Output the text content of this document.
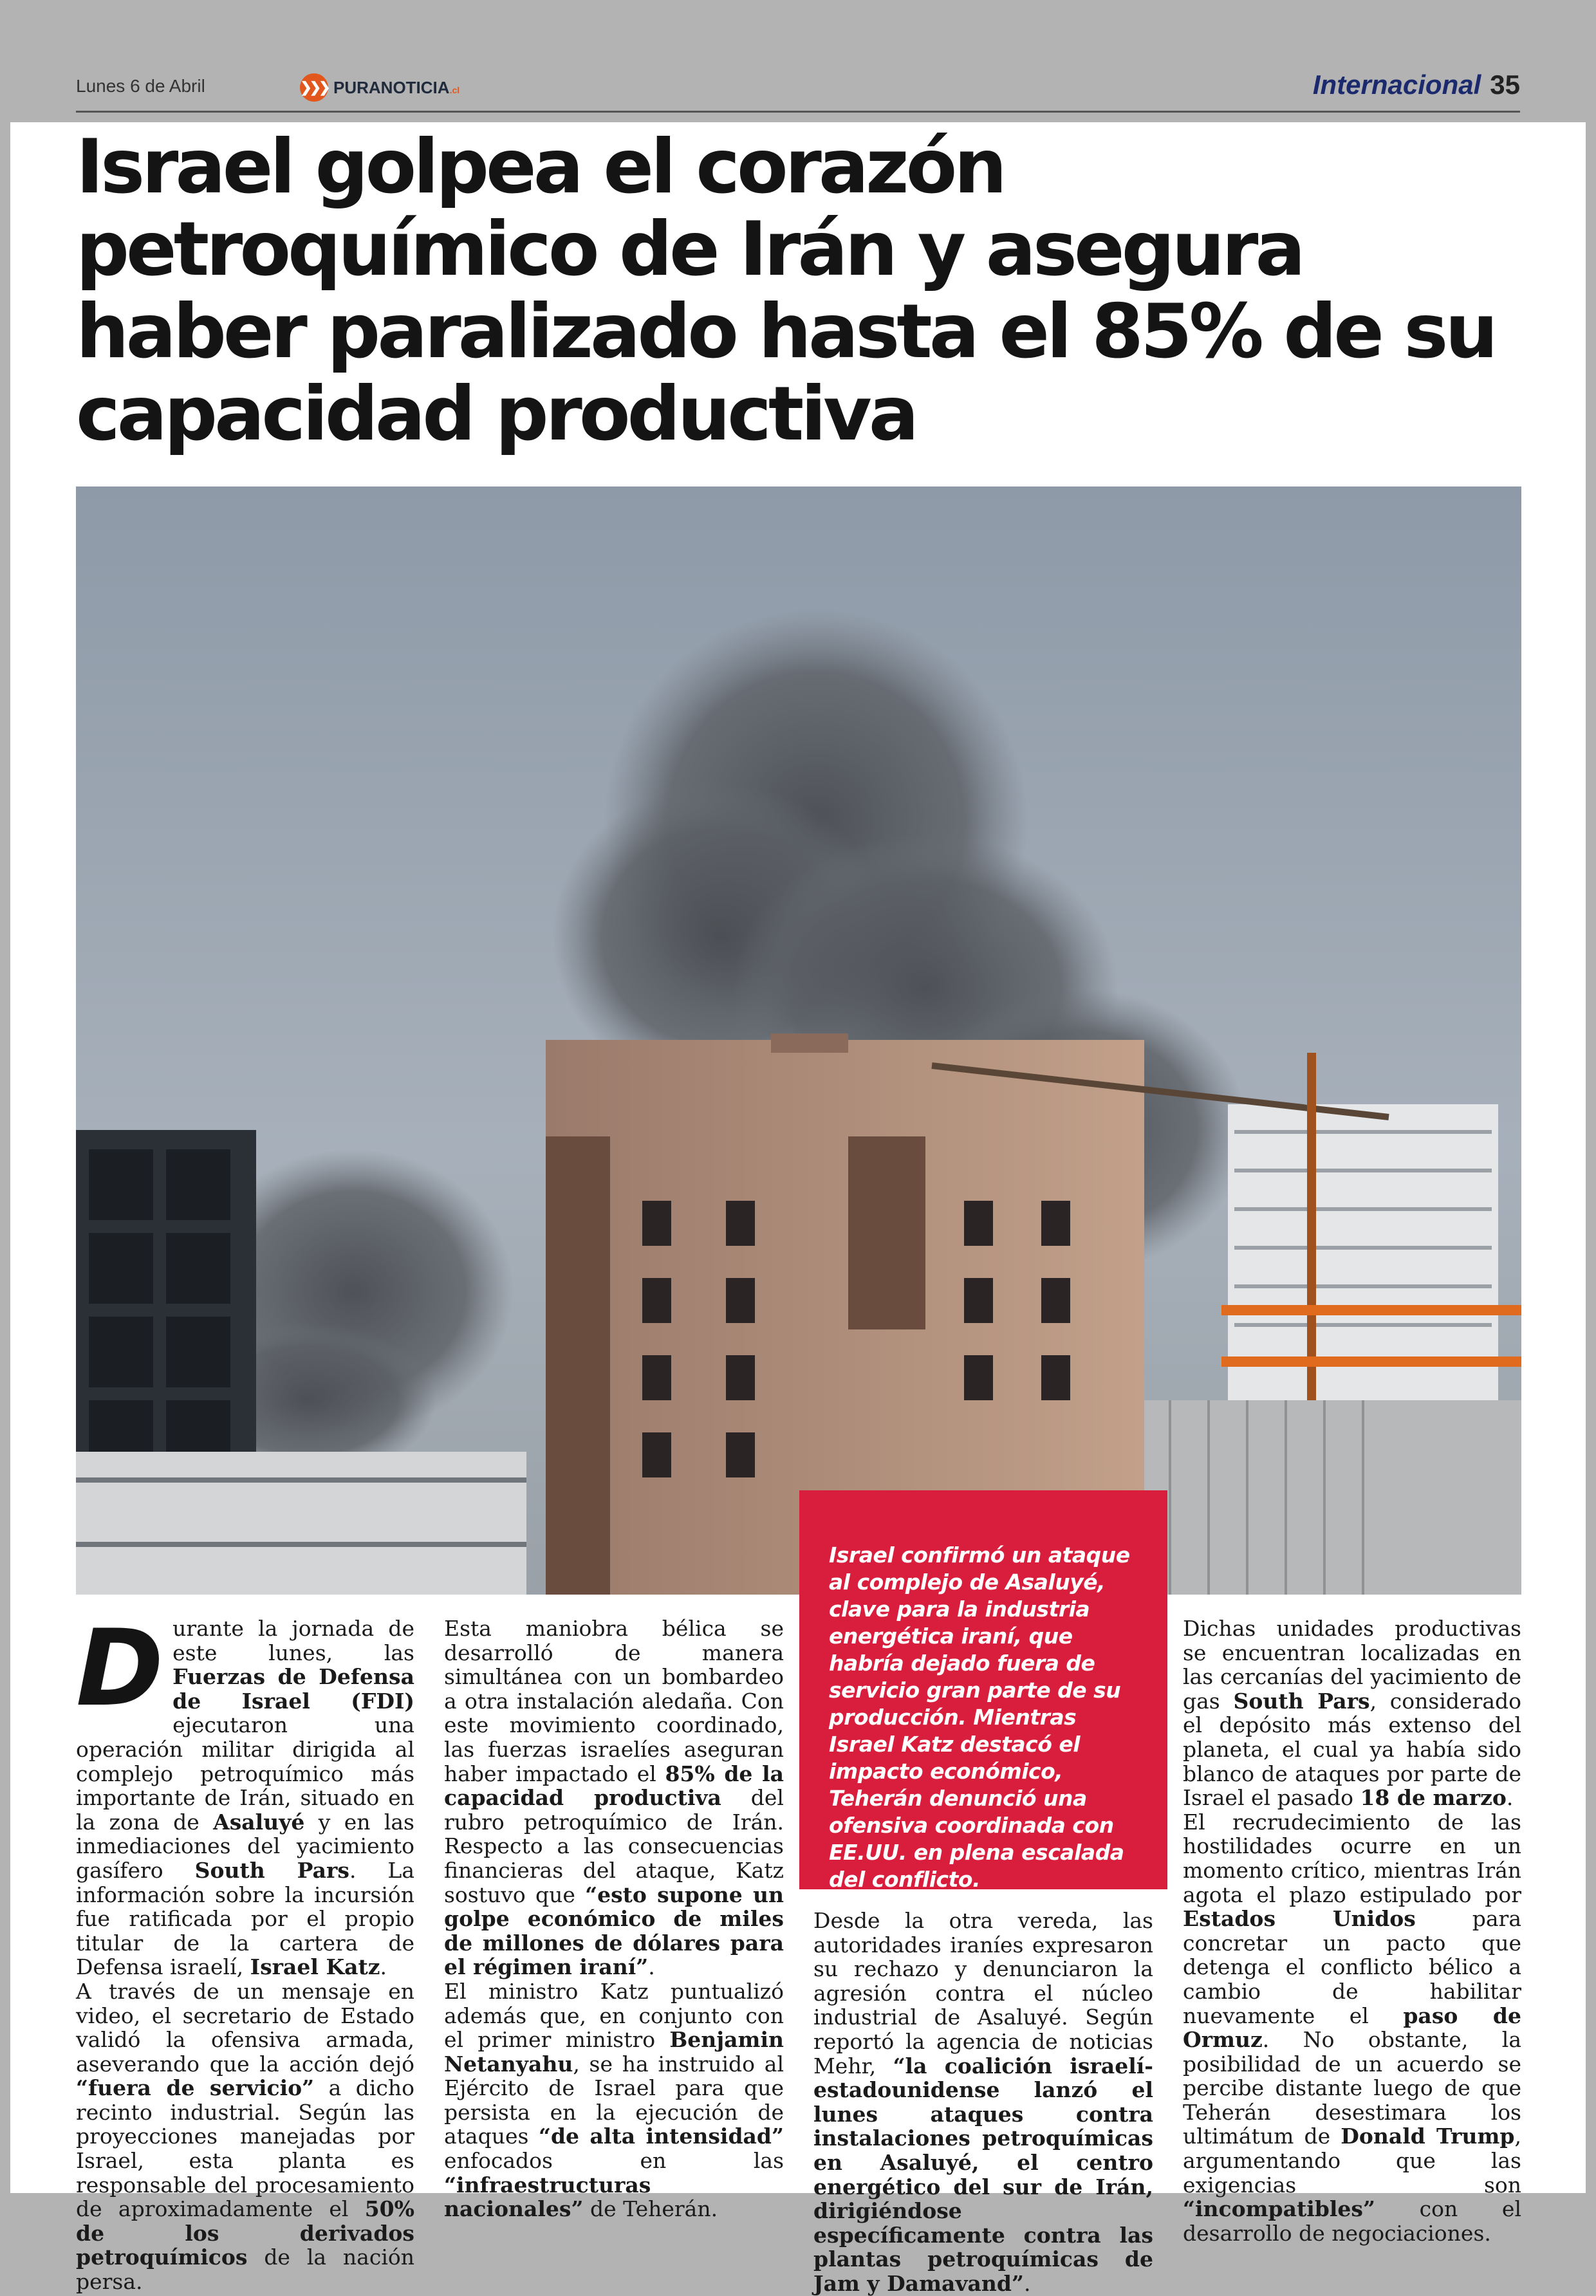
Lunes 6 de Abril	❯❯❯ PURANOTICIA.cl	Internacional 35
Israel golpea el corazón petroquímico de Irán y asegura haber paralizado hasta el 85% de su capacidad productiva

Israel confirmó un ataque al complejo de Asaluyé, clave para la industria energética iraní, que habría dejado fuera de servicio gran parte de su producción. Mientras Israel Katz destacó el impacto económico, Teherán denunció una ofensiva coordinada con EE.UU. en plena escalada del conflicto.

D urante la jornada de este lunes, las Fuerzas de Defensa de Israel (FDI) ejecutaron una operación militar dirigida al complejo petroquímico más importante de Irán, situado en la zona de Asaluyé y en las inmediaciones del yacimiento gasífero South Pars. La información sobre la incursión fue ratificada por el propio titular de la cartera de Defensa israelí, Israel Katz.

A través de un mensaje en video, el secretario de Estado validó la ofensiva armada, aseverando que la acción dejó “fuera de servicio” a dicho recinto industrial. Según las proyecciones manejadas por Israel, esta planta es responsable del procesamiento de aproximadamente el 50% de los derivados petroquímicos de la nación persa.

Esta maniobra bélica se desarrolló de manera simultánea con un bombardeo a otra instalación aledaña. Con este movimiento coordinado, las fuerzas israelíes aseguran haber impactado el 85% de la capacidad productiva del rubro petroquímico de Irán. Respecto a las consecuencias financieras del ataque, Katz sostuvo que “esto supone un golpe económico de miles de millones de dólares para el régimen iraní”.

El ministro Katz puntualizó además que, en conjunto con el primer ministro Benjamin Netanyahu, se ha instruido al Ejército de Israel para que persista en la ejecución de ataques “de alta intensidad” enfocados en las “infraestructuras nacionales” de Teherán.

Desde la otra vereda, las autoridades iraníes expresaron su rechazo y denunciaron la agresión contra el núcleo industrial de Asaluyé. Según reportó la agencia de noticias Mehr, “la coalición israelí-estadounidense lanzó el lunes ataques contra instalaciones petroquímicas en Asaluyé, el centro energético del sur de Irán, dirigiéndose específicamente contra las plantas petroquímicas de Jam y Damavand”.

Dichas unidades productivas se encuentran localizadas en las cercanías del yacimiento de gas South Pars, considerado el depósito más extenso del planeta, el cual ya había sido blanco de ataques por parte de Israel el pasado 18 de marzo.

El recrudecimiento de las hostilidades ocurre en un momento crítico, mientras Irán agota el plazo estipulado por Estados Unidos para concretar un pacto que detenga el conflicto bélico a cambio de habilitar nuevamente el paso de Ormuz. No obstante, la posibilidad de un acuerdo se percibe distante luego de que Teherán desestimara los ultimátum de Donald Trump, argumentando que las exigencias son “incompatibles” con el desarrollo de negociaciones.
